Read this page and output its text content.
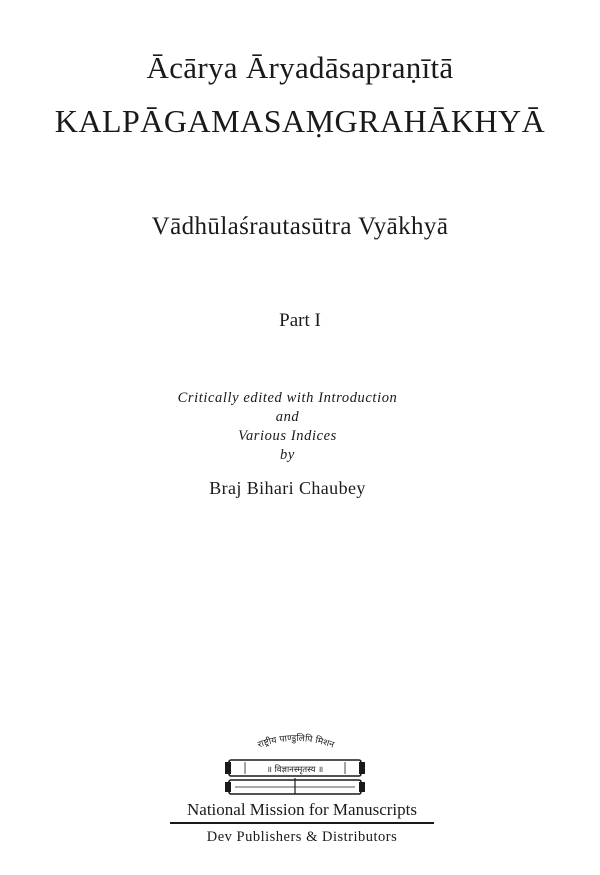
Ācārya Āryadāsapraṇītā
KALPĀGAMASAṂGRAHĀKHYĀ
Vādhūlaśrautasūtra Vyākhyā
Part I
Critically edited with Introduction
and
Various Indices
by
Braj Bihari Chaubey
राष्ट्रीय पाण्डुलिपि मिशन
॥ विज्ञानस्मृतस्य ॥
National Mission for Manuscripts
Dev Publishers & Distributors
